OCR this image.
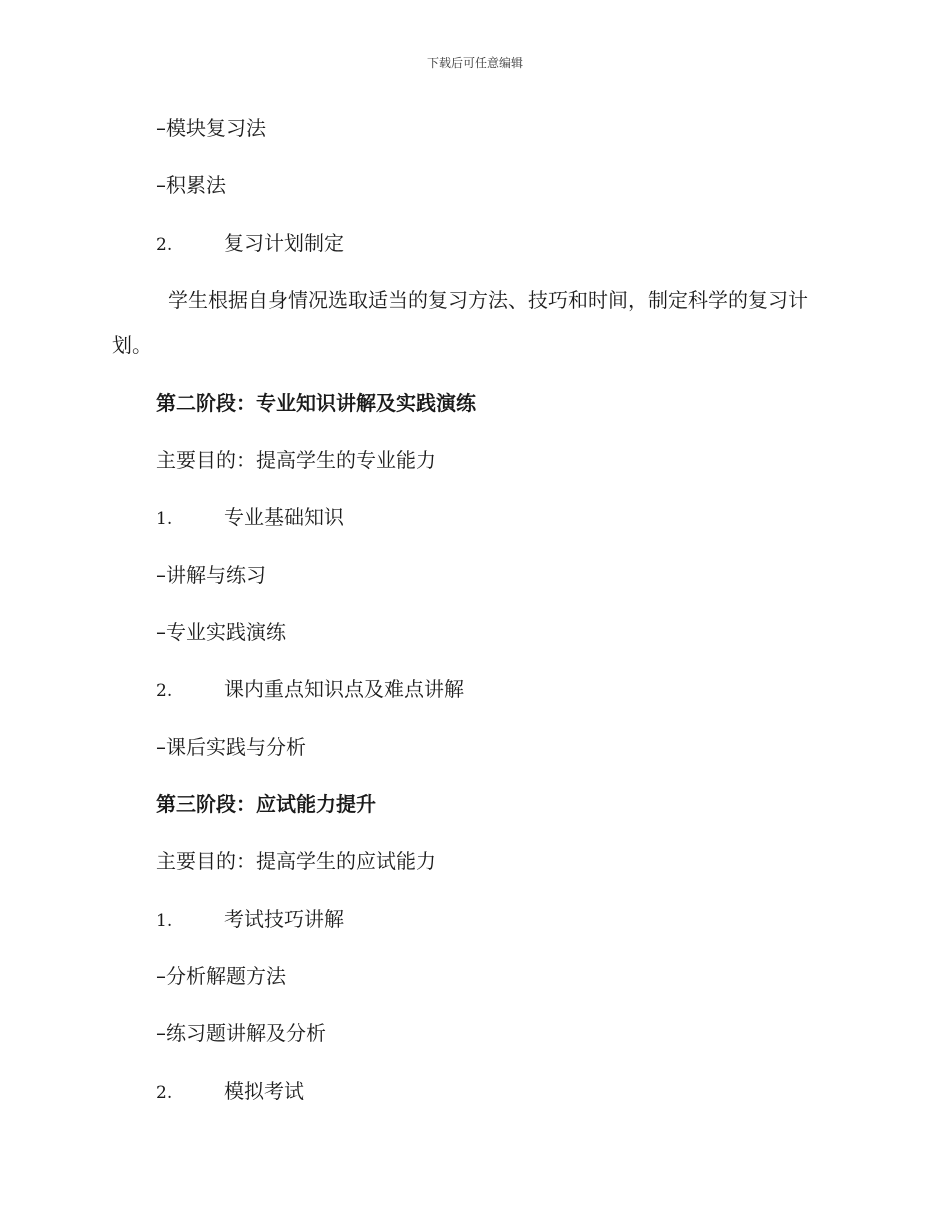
下载后可任意编辑
–模块复习法
–积累法
2.	复习计划制定
学生根据自身情况选取适当的复习方法、技巧和时间，制定科学的复习计划。
第二阶段：专业知识讲解及实践演练
主要目的：提高学生的专业能力
1.	专业基础知识
–讲解与练习
–专业实践演练
2.	课内重点知识点及难点讲解
–课后实践与分析
第三阶段：应试能力提升
主要目的：提高学生的应试能力
1.	考试技巧讲解
–分析解题方法
–练习题讲解及分析
2.	模拟考试
